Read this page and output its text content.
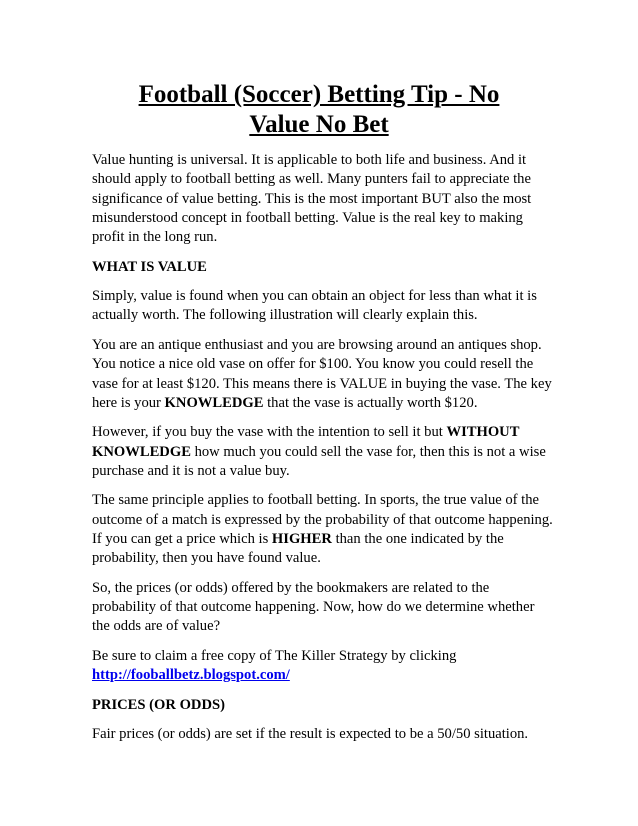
Football (Soccer) Betting Tip - No
Value No Bet

Value hunting is universal. It is applicable to both life and business. And it should apply to football betting as well. Many punters fail to appreciate the significance of value betting. This is the most important BUT also the most misunderstood concept in football betting. Value is the real key to making profit in the long run.

WHAT IS VALUE

Simply, value is found when you can obtain an object for less than what it is actually worth. The following illustration will clearly explain this.

You are an antique enthusiast and you are browsing around an antiques shop. You notice a nice old vase on offer for $100. You know you could resell the vase for at least $120. This means there is VALUE in buying the vase. The key here is your KNOWLEDGE that the vase is actually worth $120.

However, if you buy the vase with the intention to sell it but WITHOUT KNOWLEDGE how much you could sell the vase for, then this is not a wise purchase and it is not a value buy.

The same principle applies to football betting. In sports, the true value of the outcome of a match is expressed by the probability of that outcome happening. If you can get a price which is HIGHER than the one indicated by the probability, then you have found value.

So, the prices (or odds) offered by the bookmakers are related to the probability of that outcome happening. Now, how do we determine whether the odds are of value?

Be sure to claim a free copy of The Killer Strategy by clicking
http://fooballbetz.blogspot.com/

PRICES (OR ODDS)

Fair prices (or odds) are set if the result is expected to be a 50/50 situation.
